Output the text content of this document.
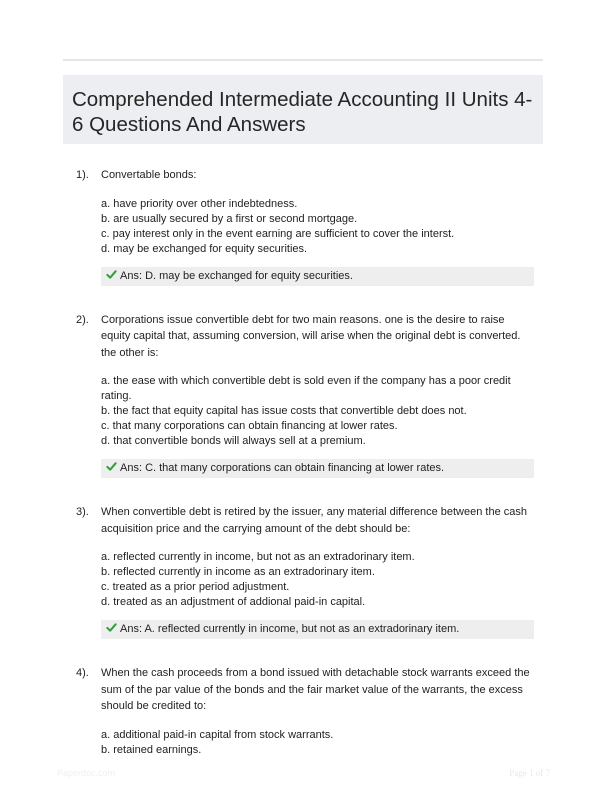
Comprehended Intermediate Accounting II Units 4-6 Questions And Answers
1). Convertable bonds:

a. have priority over other indebtedness.
b. are usually secured by a first or second mortgage.
c. pay interest only in the event earning are sufficient to cover the interst.
d. may be exchanged for equity securities.
Ans: D. may be exchanged for equity securities.
2). Corporations issue convertible debt for two main reasons. one is the desire to raise equity capital that, assuming conversion, will arise when the original debt is converted. the other is:

a. the ease with which convertible debt is sold even if the company has a poor credit rating.
b. the fact that equity capital has issue costs that convertible debt does not.
c. that many corporations can obtain financing at lower rates.
d. that convertible bonds will always sell at a premium.
Ans: C. that many corporations can obtain financing at lower rates.
3). When convertible debt is retired by the issuer, any material difference between the cash acquisition price and the carrying amount of the debt should be:

a. reflected currently in income, but not as an extradorinary item.
b. reflected currently in income as an extradorinary item.
c. treated as a prior period adjustment.
d. treated as an adjustment of addional paid-in capital.
Ans: A. reflected currently in income, but not as an extradorinary item.
4). When the cash proceeds from a bond issued with detachable stock warrants exceed the sum of the par value of the bonds and the fair market value of the warrants, the excess should be credited to:

a. additional paid-in capital from stock warrants.
b. retained earnings.
Paperdoc.com	Page 1 of 7
